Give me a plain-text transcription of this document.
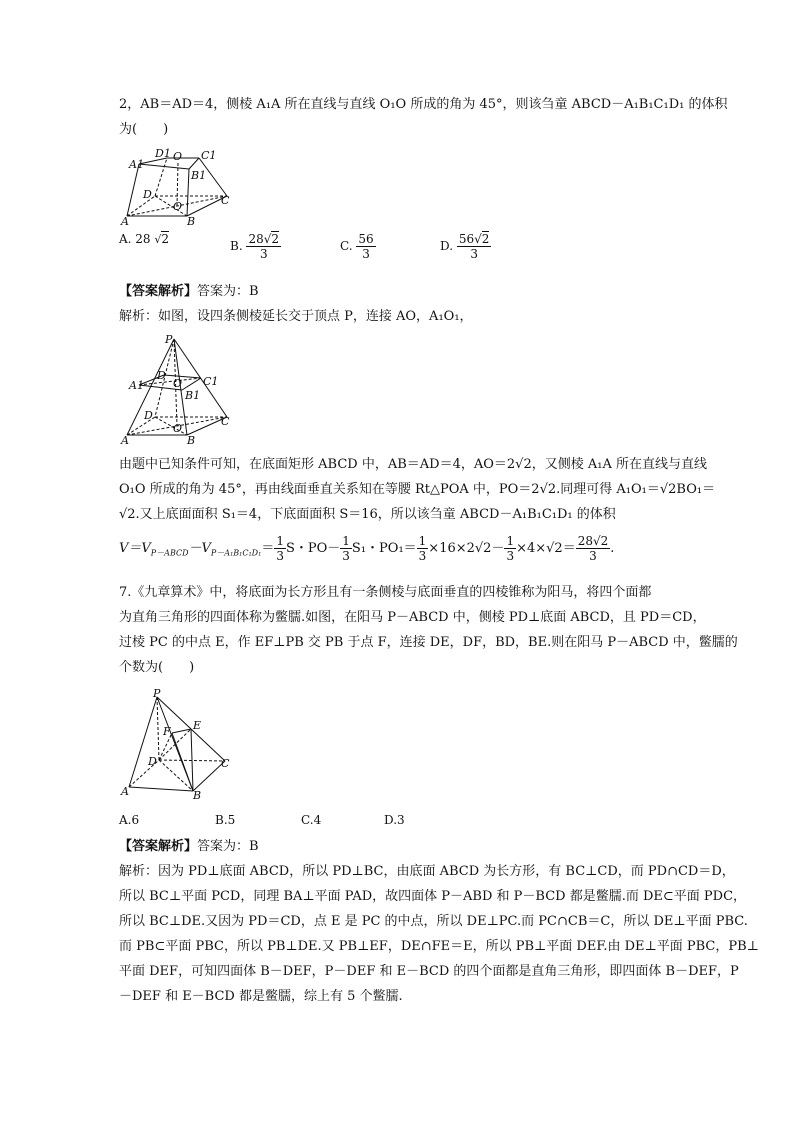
2，AB＝AD＝4，侧棱 A₁A 所在直线与直线 O₁O 所成的角为 45°，则该刍童 ABCD－A₁B₁C₁D₁ 的体积

为(　　)

A1
D1 O C1
B1
D
O	C
A	B
A. 28 √2	B. $\frac{28√2}{3}$	C. $\frac{56}{3}$	D. $\frac{56√2}{3}$

【答案解析】答案为：B

解析：如图，设四条侧棱延长交于顶点 P，连接 AO，A₁O₁，

P
D
A1	O C1
B1
D
O
C
A	B

由题中已知条件可知，在底面矩形 ABCD 中，AB＝AD＝4，AO＝2√2，又侧棱 A₁A 所在直线与直线

O₁O 所成的角为 45°，再由线面垂直关系知在等腰 Rt△POA 中，PO＝2√2.同理可得 A₁O₁＝√2BO₁＝

√2.又上底面面积 S₁＝4，下底面面积 S＝16，所以该刍童 ABCD－A₁B₁C₁D₁ 的体积

$V=V_{P-ABCD}-V_{P-A_1B_1C_1D_1}= \frac{1}{3}$ S・$PO- \frac{1}{3} S_1$・$PO_1= \frac{1}{3} \times 16\times 2√2- \frac{1}{3} \times 4\times√2= \frac{28√2}{3}$ .

7.《九章算术》中，将底面为长方形且有一条侧棱与底面垂直的四棱锥称为阳马，将四个面都

为直角三角形的四面体称为鳖臑.如图，在阳马 P－ABCD 中，侧棱 PD⊥底面 ABCD，且 PD＝CD，

过棱 PC 的中点 E，作 EF⊥PB 交 PB 于点 F，连接 DE，DF，BD，BE.则在阳马 P－ABCD 中，鳖臑的

个数为(　　)

P
E
F
D	C
A	B
A.6	B.5	C.4	D.3

【答案解析】答案为：B

解析：因为 PD⊥底面 ABCD，所以 PD⊥BC，由底面 ABCD 为长方形，有 BC⊥CD，而 PD∩CD＝D，

所以 BC⊥平面 PCD，同理 BA⊥平面 PAD，故四面体 P－ABD 和 P－BCD 都是鳖臑.而 DE⊂平面 PDC，

所以 BC⊥DE.又因为 PD＝CD，点 E 是 PC 的中点，所以 DE⊥PC.而 PC∩CB＝C，所以 DE⊥平面 PBC.

而 PB⊂平面 PBC，所以 PB⊥DE.又 PB⊥EF，DE∩FE＝E，所以 PB⊥平面 DEF.由 DE⊥平面 PBC，PB⊥

平面 DEF，可知四面体 B－DEF，P－DEF 和 E－BCD 的四个面都是直角三角形，即四面体 B－DEF，P

－DEF 和 E－BCD 都是鳖臑，综上有 5 个鳖臑.
